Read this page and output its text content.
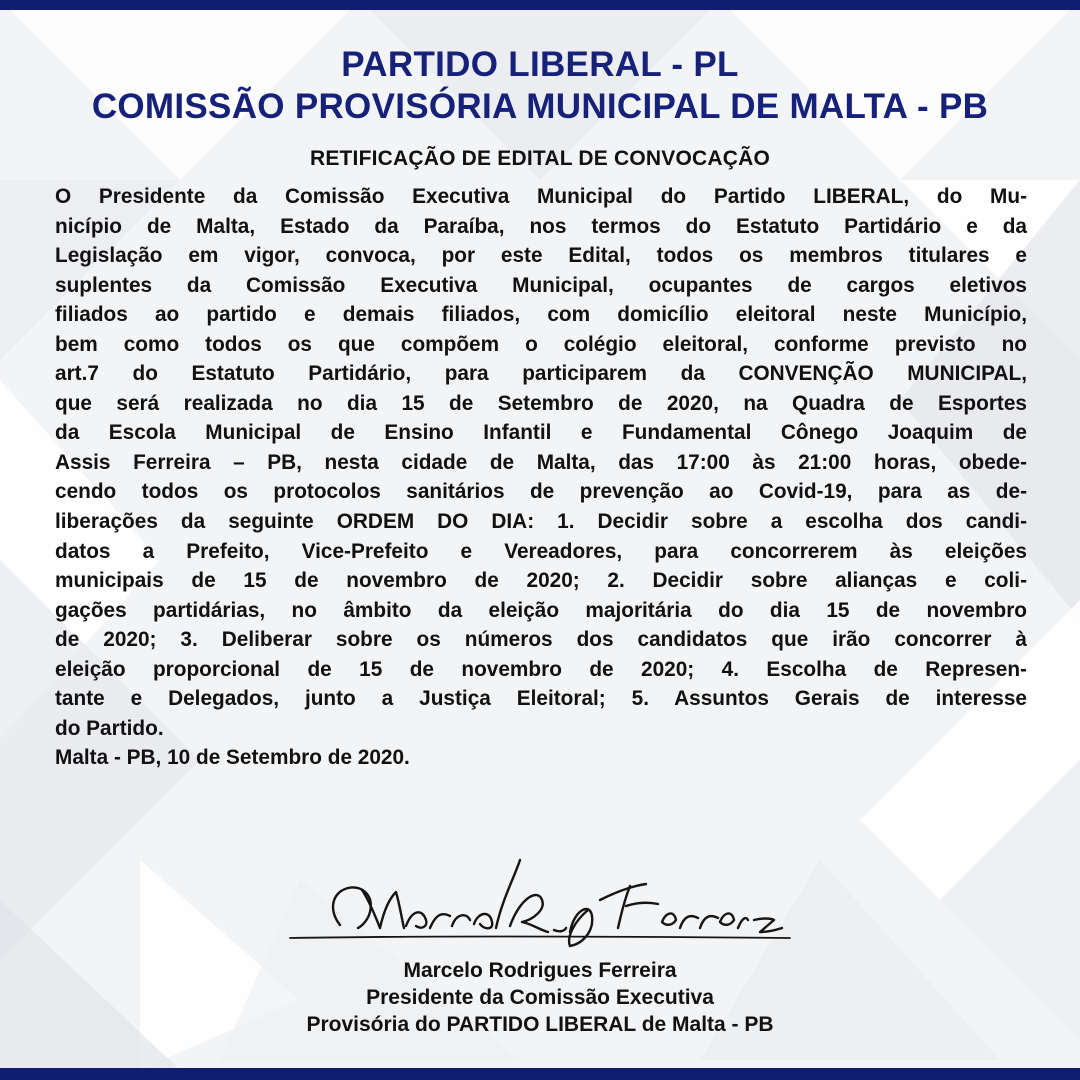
PARTIDO LIBERAL - PL
COMISSÃO PROVISÓRIA MUNICIPAL DE MALTA - PB
RETIFICAÇÃO DE EDITAL DE CONVOCAÇÃO
O Presidente da Comissão Executiva Municipal do Partido LIBERAL, do Mu-
nicípio de Malta, Estado da Paraíba, nos termos do Estatuto Partidário e da
Legislação em vigor, convoca, por este Edital, todos os membros titulares e
suplentes da Comissão Executiva Municipal, ocupantes de cargos eletivos
filiados ao partido e demais filiados, com domicílio eleitoral neste Município,
bem como todos os que compõem o colégio eleitoral, conforme previsto no
art.7 do Estatuto Partidário, para participarem da CONVENÇÃO MUNICIPAL,
que será realizada no dia 15 de Setembro de 2020, na Quadra de Esportes
da Escola Municipal de Ensino Infantil e Fundamental Cônego Joaquim de
Assis Ferreira – PB, nesta cidade de Malta, das 17:00 às 21:00 horas, obede-
cendo todos os protocolos sanitários de prevenção ao Covid-19, para as de-
liberações da seguinte ORDEM DO DIA: 1. Decidir sobre a escolha dos candi-
datos a Prefeito, Vice-Prefeito e Vereadores, para concorrerem às eleições
municipais de 15 de novembro de 2020; 2. Decidir sobre alianças e coli-
gações partidárias, no âmbito da eleição majoritária do dia 15 de novembro
de 2020; 3. Deliberar sobre os números dos candidatos que irão concorrer à
eleição proporcional de 15 de novembro de 2020; 4. Escolha de Represen-
tante e Delegados, junto a Justiça Eleitoral; 5. Assuntos Gerais de interesse
do Partido.
Malta - PB, 10 de Setembro de 2020.
Marcelo Rodrigues Ferreira
Presidente da Comissão Executiva
Provisória do PARTIDO LIBERAL de Malta - PB
